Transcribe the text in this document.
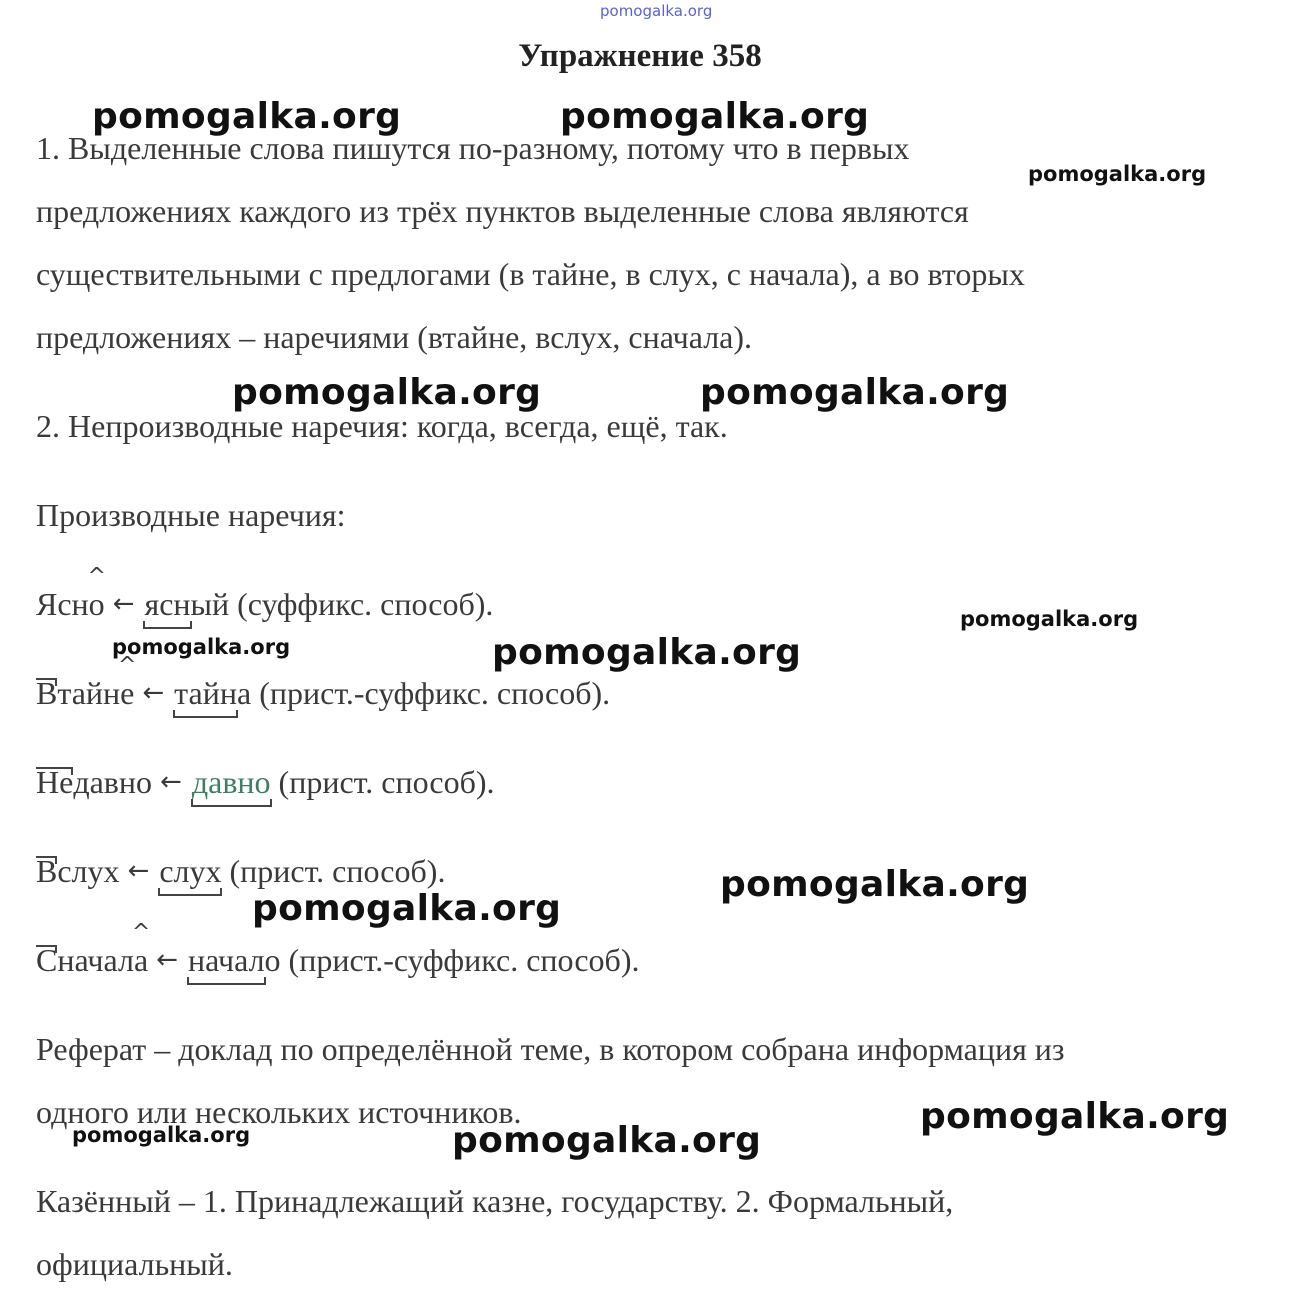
pomogalka.org
Упражнение 358
1. Выделенные слова пишутся по-разному, потому что в первых
предложениях каждого из трёх пунктов выделенные слова являются
существительными с предлогами (в тайне, в слух, с начала), а во вторых
предложениях – наречиями (втайне, вслух, сначала).
2. Непроизводные наречия: когда, всегда, ещё, так.
Производные наречия:
Ясн^ о ← ясный (суффикс. способ).
Втайн^ е ← тайна (прист.-суффикс. способ).
Недавно ← давно (прист. способ).
Вслух ← слух (прист. способ).
Сначал^ а ← начало (прист.-суффикс. способ).
Реферат – доклад по определённой теме, в котором собрана информация из
одного или нескольких источников.
Казённый – 1. Принадлежащий казне, государству. 2. Формальный,
официальный.
pomogalka.org	pomogalka.org
pomogalka.org
pomogalka.org	pomogalka.org
pomogalka.org
pomogalka.org	pomogalka.org
pomogalka.org
pomogalka.org
pomogalka.org
pomogalka.org	pomogalka.org
